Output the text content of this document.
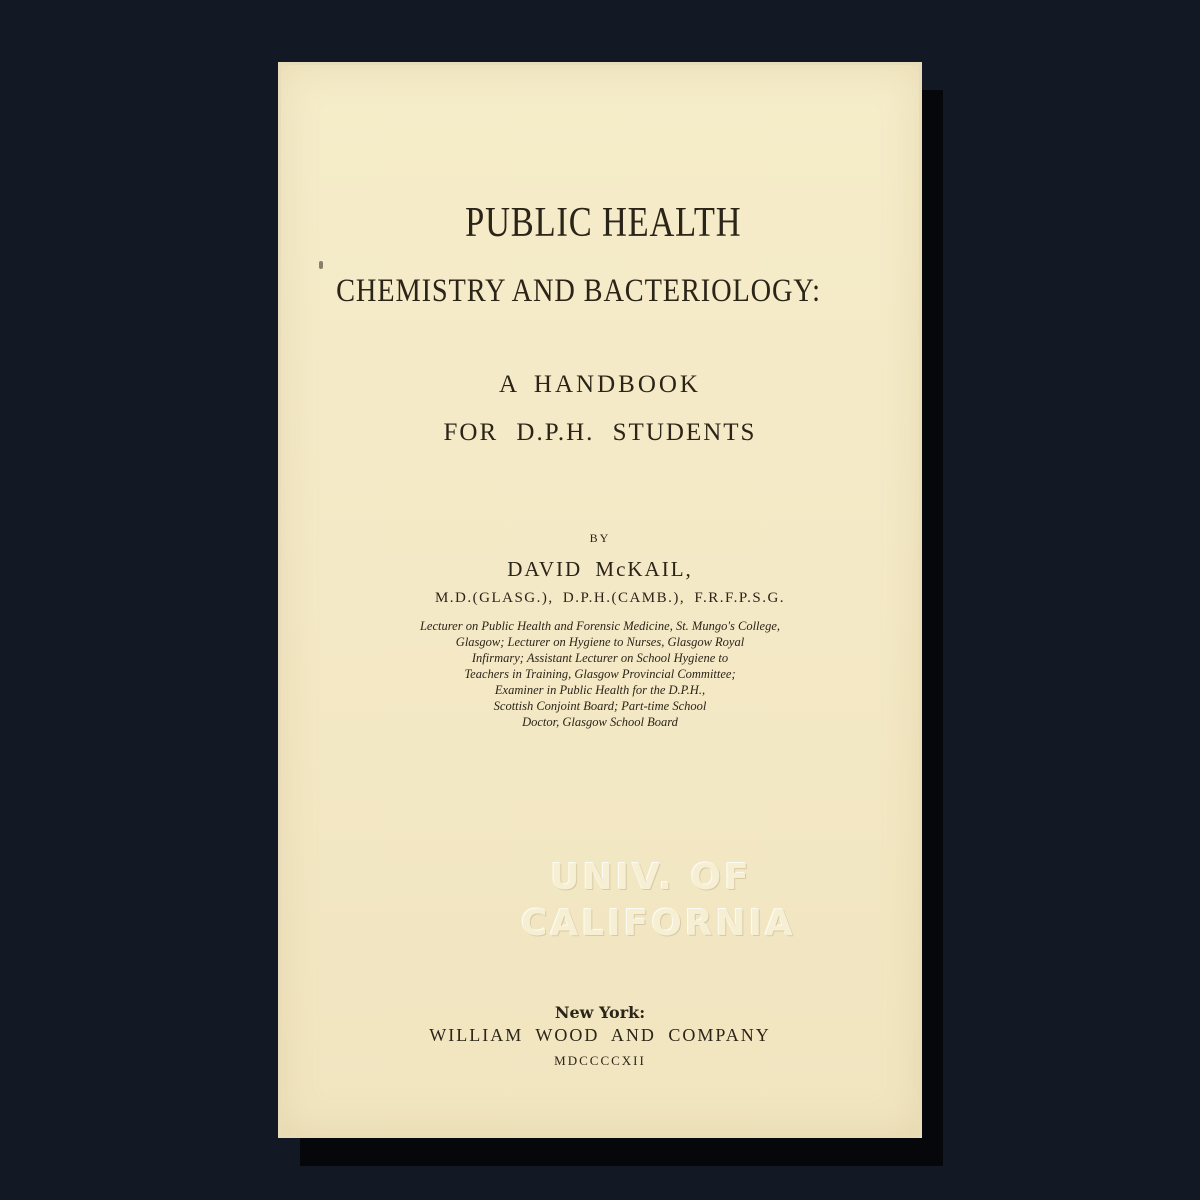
PUBLIC HEALTH

CHEMISTRY AND BACTERIOLOGY:

A HANDBOOK

FOR D.P.H. STUDENTS

BY

DAVID McKAIL,

M.D.(GLASG.), D.P.H.(CAMB.), F.R.F.P.S.G.

Lecturer on Public Health and Forensic Medicine, St. Mungo's College,
Glasgow; Lecturer on Hygiene to Nurses, Glasgow Royal
Infirmary; Assistant Lecturer on School Hygiene to
Teachers in Training, Glasgow Provincial Committee;
Examiner in Public Health for the D.P.H.,
Scottish Conjoint Board; Part-time School
Doctor, Glasgow School Board
UNIV. OF
CALIFORNIA

New York:

WILLIAM WOOD AND COMPANY

MDCCCCXII
